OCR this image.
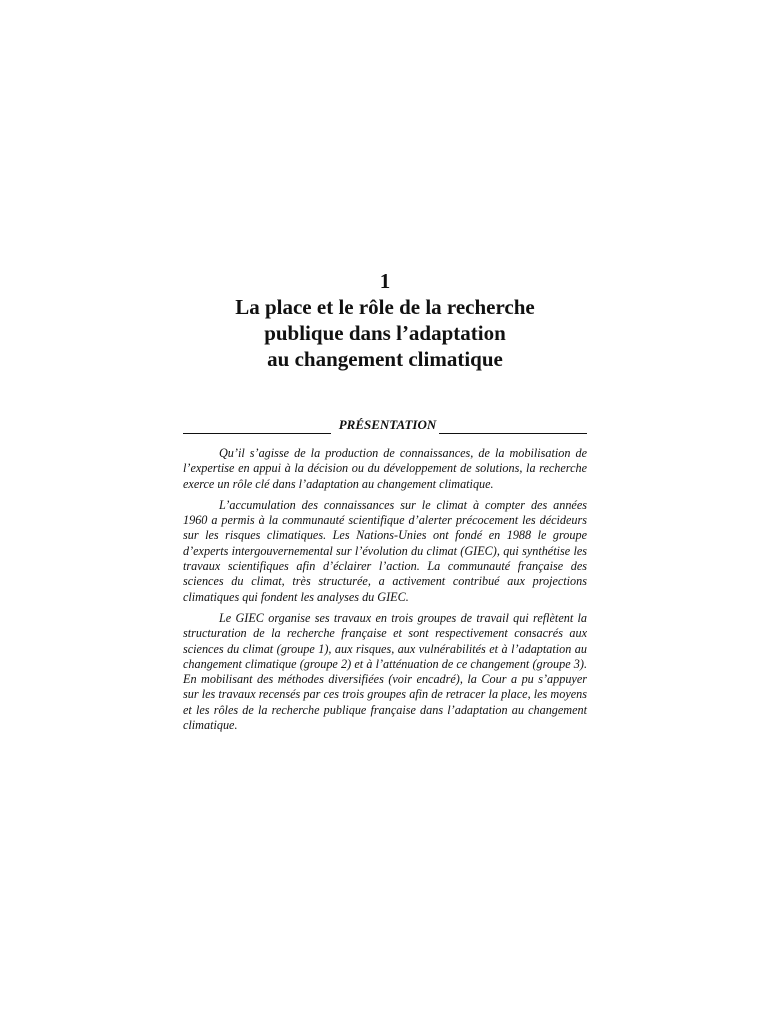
1
La place et le rôle de la recherche
publique dans l’adaptation
au changement climatique
PRÉSENTATION

Qu’il s’agisse de la production de connaissances, de la mobilisation de l’expertise en appui à la décision ou du développement de solutions, la recherche exerce un rôle clé dans l’adaptation au changement climatique.

L’accumulation des connaissances sur le climat à compter des années 1960 a permis à la communauté scientifique d’alerter précocement les décideurs sur les risques climatiques. Les Nations-Unies ont fondé en 1988 le groupe d’experts intergouvernemental sur l’évolution du climat (GIEC), qui synthétise les travaux scientifiques afin d’éclairer l’action. La communauté française des sciences du climat, très structurée, a activement contribué aux projections climatiques qui fondent les analyses du GIEC.

Le GIEC organise ses travaux en trois groupes de travail qui reflètent la structuration de la recherche française et sont respectivement consacrés aux sciences du climat (groupe 1), aux risques, aux vulnérabilités et à l’adaptation au changement climatique (groupe 2) et à l’atténuation de ce changement (groupe 3). En mobilisant des méthodes diversifiées (voir encadré), la Cour a pu s’appuyer sur les travaux recensés par ces trois groupes afin de retracer la place, les moyens et les rôles de la recherche publique française dans l’adaptation au changement climatique.
